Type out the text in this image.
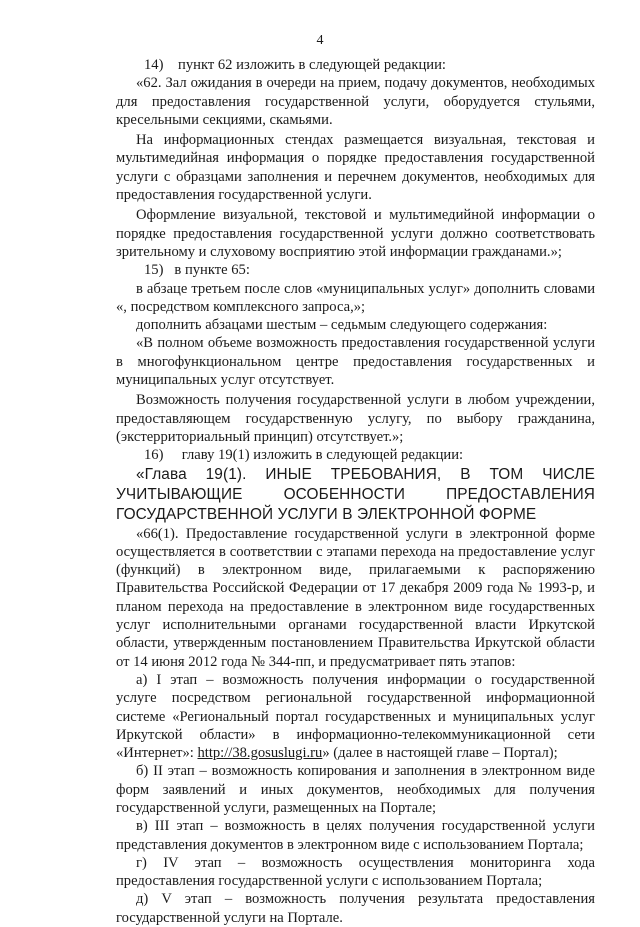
4

14)    пункт 62 изложить в следующей редакции:

«62. Зал ожидания в очереди на прием, подачу документов, необходимых для предоставления государственной услуги, оборудуется стульями, кресельными секциями, скамьями.

На информационных стендах размещается визуальная, текстовая и мультимедийная информация о порядке предоставления государственной услуги с образцами заполнения и перечнем документов, необходимых для предоставления государственной услуги.

Оформление визуальной, текстовой и мультимедийной информации о порядке предоставления государственной услуги должно соответствовать зрительному и слуховому восприятию этой информации гражданами.»;

15)   в пункте 65:

в абзаце третьем после слов «муниципальных услуг» дополнить словами «, посредством комплексного запроса,»;

дополнить абзацами шестым – седьмым следующего содержания:

«В полном объеме возможность предоставления государственной услуги в многофункциональном центре предоставления государственных и муниципальных услуг отсутствует.

Возможность получения государственной услуги в любом учреждении, предоставляющем государственную услугу, по выбору гражданина, (экстерриториальный принцип) отсутствует.»;

16)     главу 19(1) изложить в следующей редакции:

«Глава 19(1). ИНЫЕ ТРЕБОВАНИЯ, В ТОМ ЧИСЛЕ УЧИТЫВАЮЩИЕ ОСОБЕННОСТИ ПРЕДОСТАВЛЕНИЯ ГОСУДАРСТВЕННОЙ УСЛУГИ В ЭЛЕКТРОННОЙ ФОРМЕ

«66(1). Предоставление государственной услуги в электронной форме осуществляется в соответствии с этапами перехода на предоставление услуг (функций) в электронном виде, прилагаемыми к распоряжению Правительства Российской Федерации от 17 декабря 2009 года № 1993-р, и планом перехода на предоставление в электронном виде государственных услуг исполнительными органами государственной власти Иркутской области, утвержденным постановлением Правительства Иркутской области от 14 июня 2012 года № 344-пп, и предусматривает пять этапов:

а) I этап – возможность получения информации о государственной услуге посредством региональной государственной информационной системе «Региональный портал государственных и муниципальных услуг Иркутской области» в информационно-телекоммуникационной сети «Интернет»: http://38.gosuslugi.ru» (далее в настоящей главе – Портал);

б) II этап – возможность копирования и заполнения в электронном виде форм заявлений и иных документов, необходимых для получения государственной услуги, размещенных на Портале;

в) III этап – возможность в целях получения государственной услуги представления документов в электронном виде с использованием Портала;

г) IV этап – возможность осуществления мониторинга хода предоставления государственной услуги с использованием Портала;

д) V этап – возможность получения результата предоставления государственной услуги на Портале.
